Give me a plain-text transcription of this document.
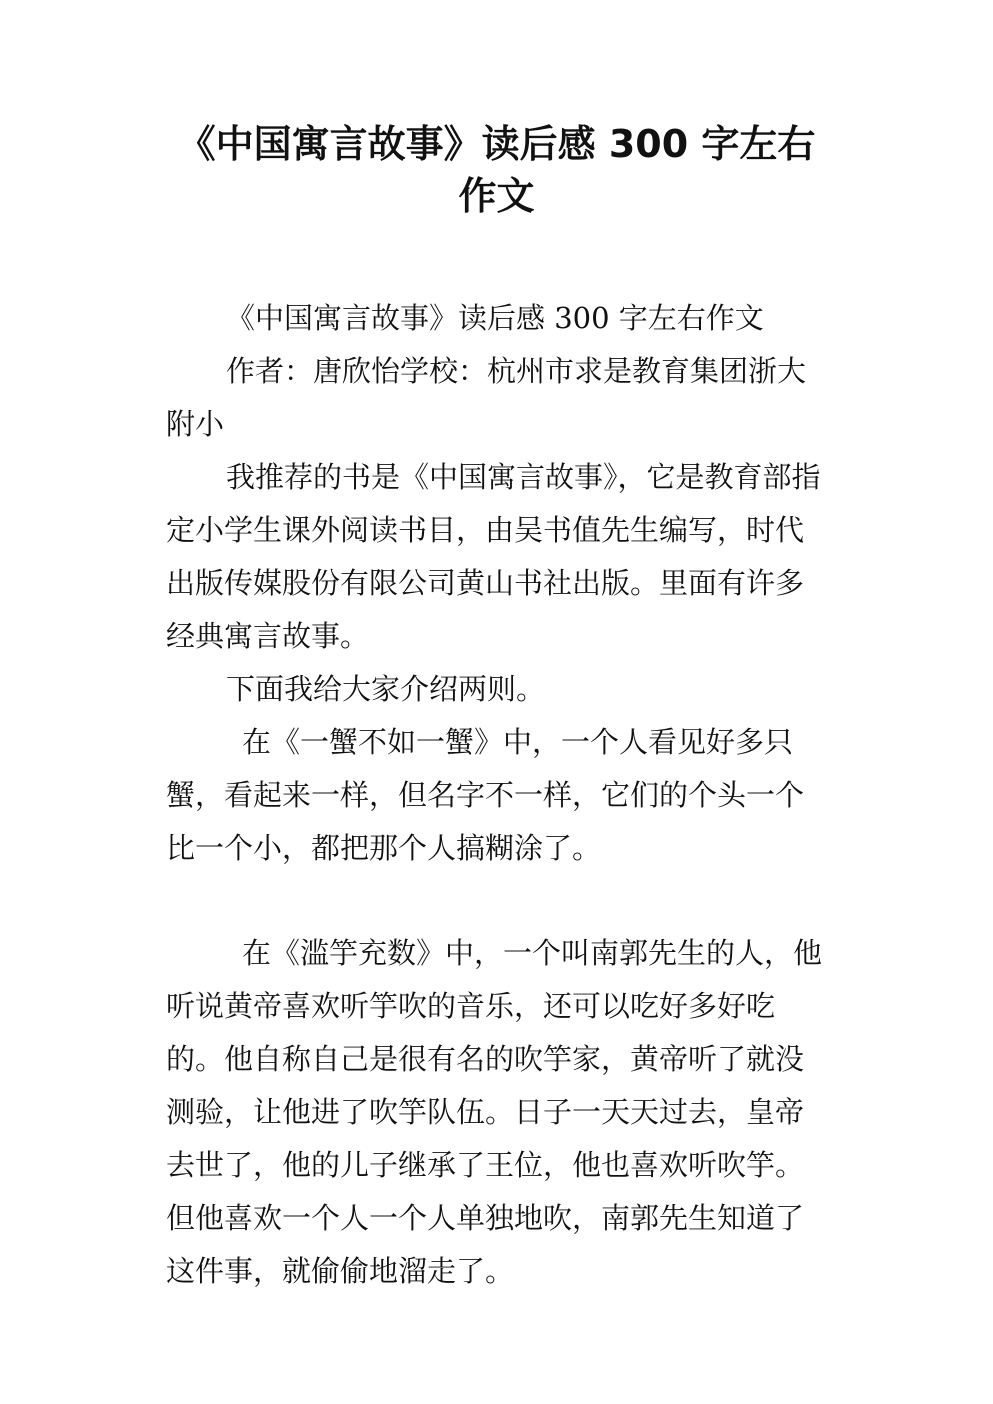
《中国寓言故事》读后感 300 字左右
作文

《中国寓言故事》读后感 300 字左右作文

作者：唐欣怡学校：杭州市求是教育集团浙大附小

我推荐的书是《中国寓言故事》，它是教育部指定小学生课外阅读书目，由吴书值先生编写，时代出版传媒股份有限公司黄山书社出版。里面有许多经典寓言故事。

下面我给大家介绍两则。

在《一蟹不如一蟹》中，一个人看见好多只蟹，看起来一样，但名字不一样，它们的个头一个比一个小，都把那个人搞糊涂了。

在《滥竽充数》中，一个叫南郭先生的人，他听说黄帝喜欢听竽吹的音乐，还可以吃好多好吃的。他自称自己是很有名的吹竽家，黄帝听了就没测验，让他进了吹竽队伍。日子一天天过去，皇帝去世了，他的儿子继承了王位，他也喜欢听吹竽。但他喜欢一个人一个人单独地吹，南郭先生知道了这件事，就偷偷地溜走了。
